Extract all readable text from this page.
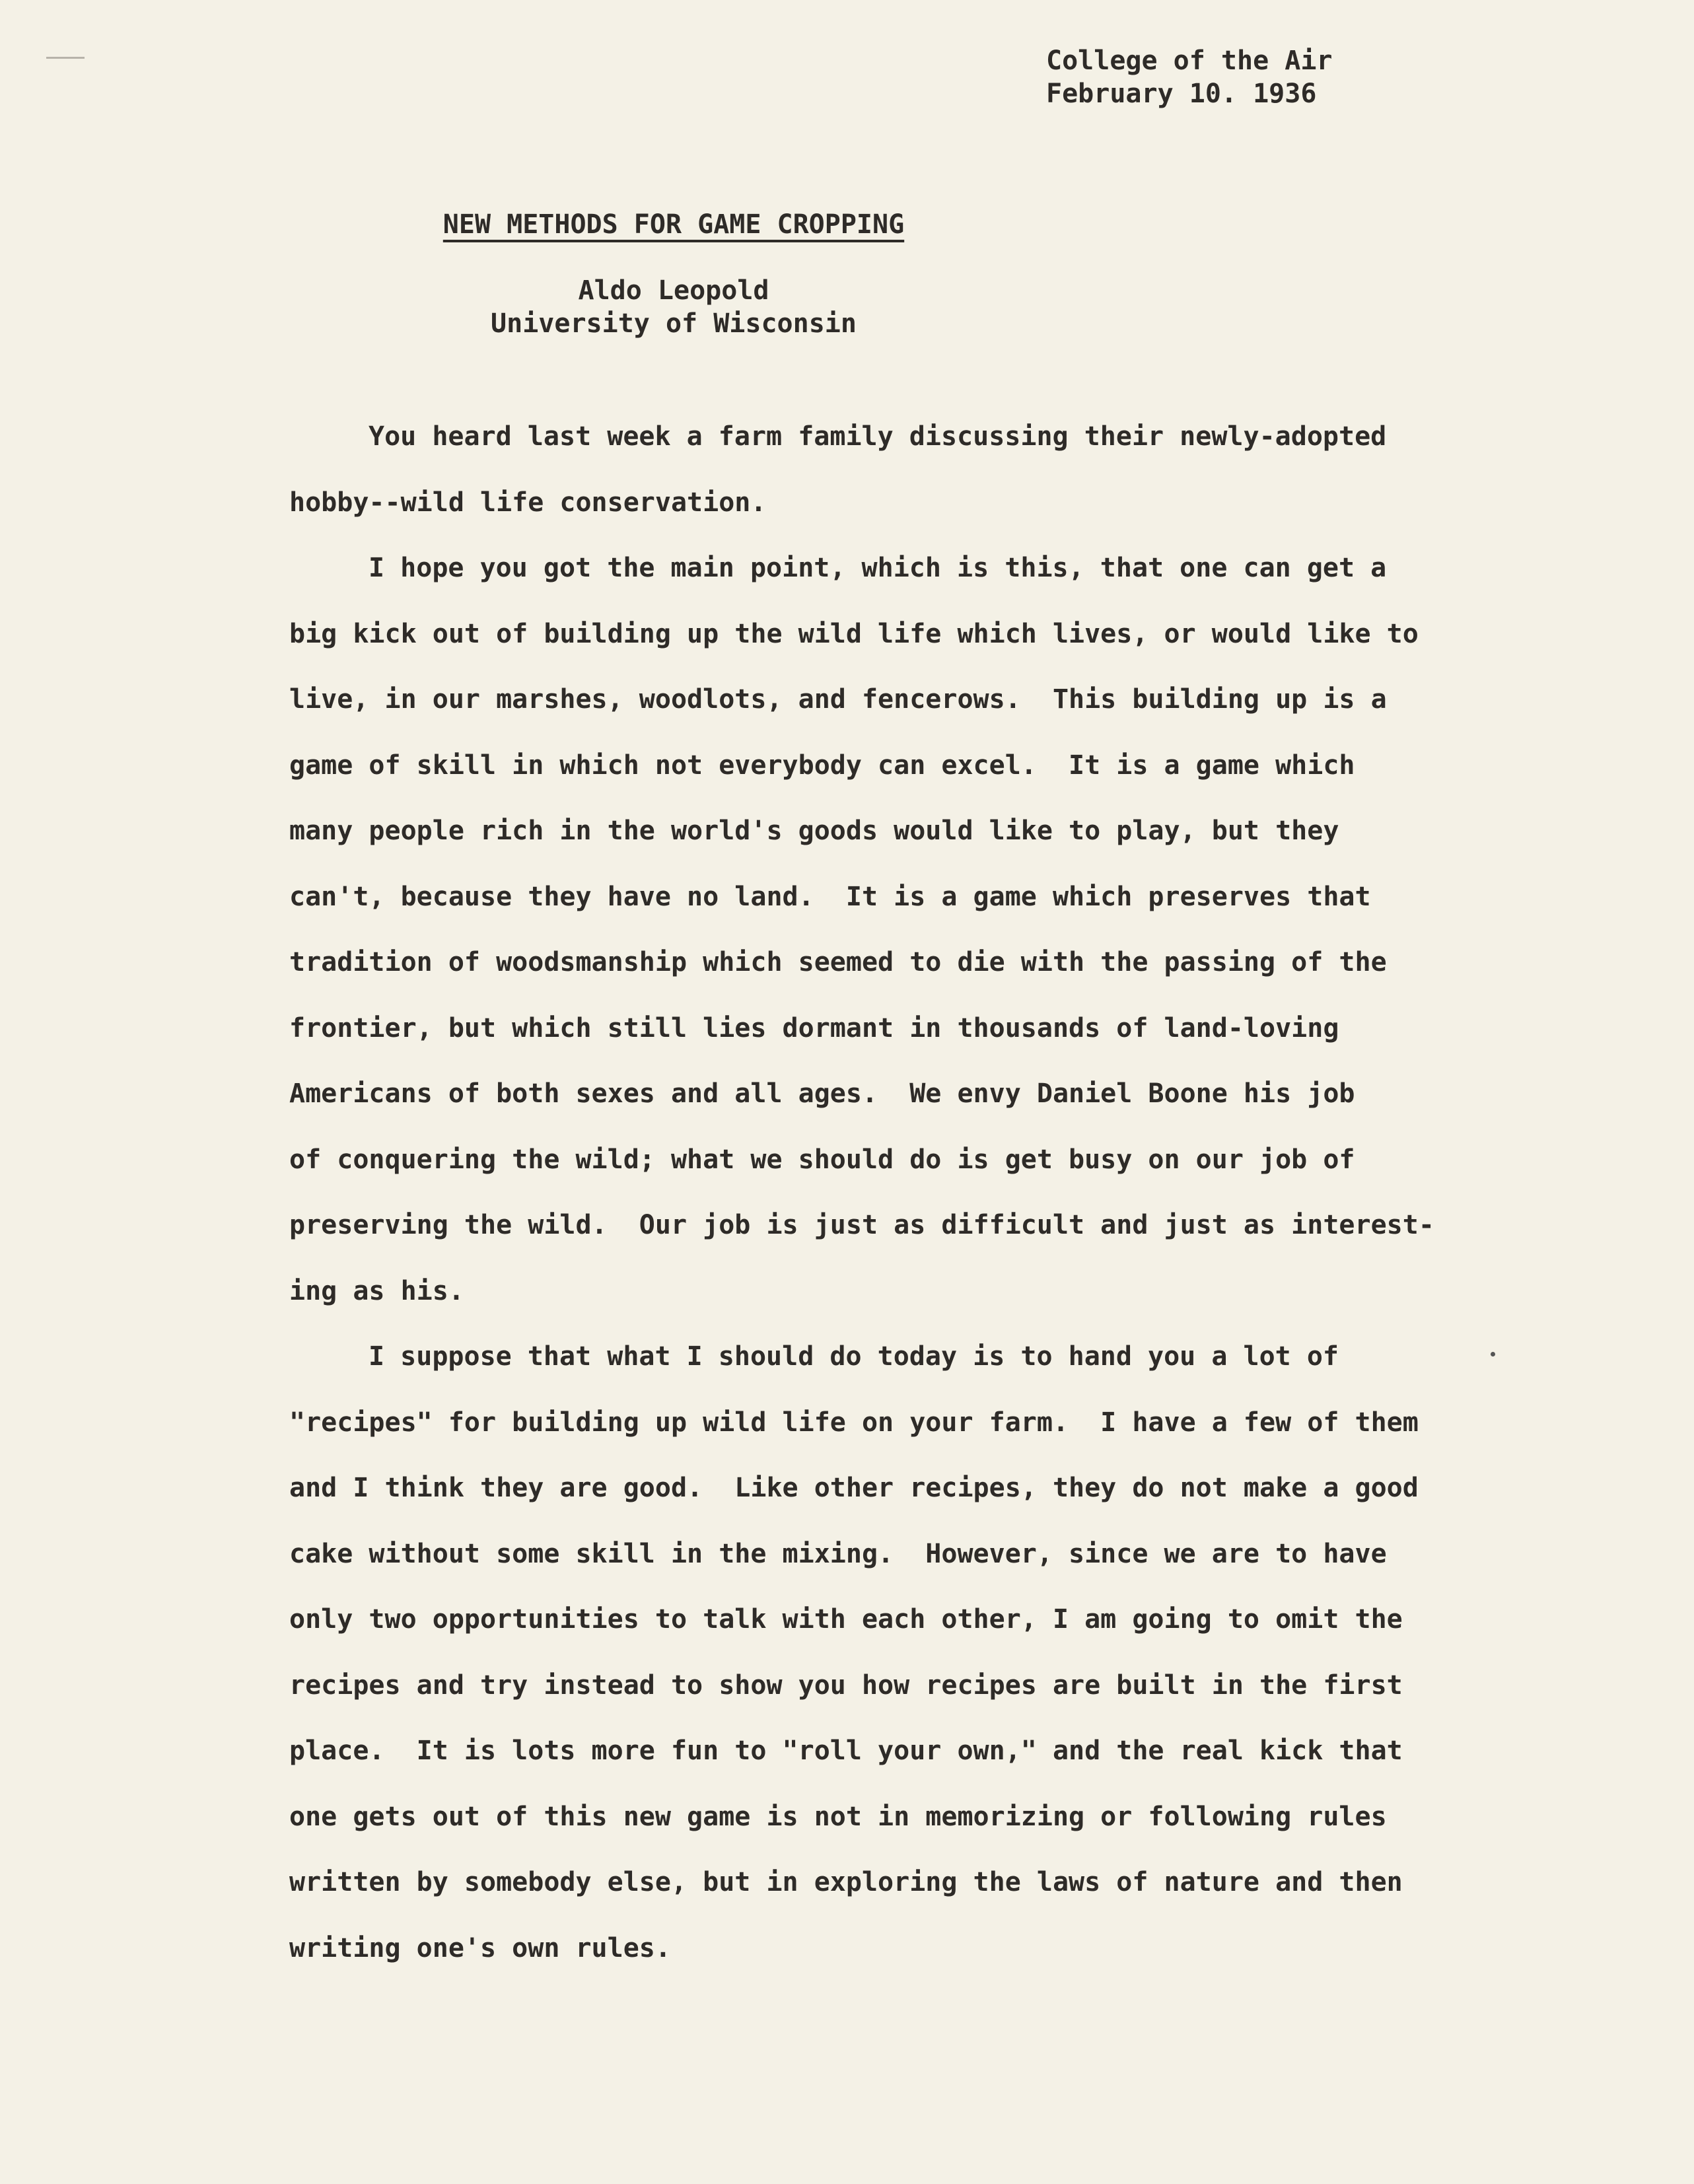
College of the Air
February 10. 1936
NEW METHODS FOR GAME CROPPING
Aldo Leopold
University of Wisconsin

You heard last week a farm family discussing their newly-adopted
hobby--wild life conservation.

I hope you got the main point, which is this, that one can get a
big kick out of building up the wild life which lives, or would like to
live, in our marshes, woodlots, and fencerows.  This building up is a
game of skill in which not everybody can excel.  It is a game which
many people rich in the world's goods would like to play, but they
can't, because they have no land.  It is a game which preserves that
tradition of woodsmanship which seemed to die with the passing of the
frontier, but which still lies dormant in thousands of land-loving
Americans of both sexes and all ages.  We envy Daniel Boone his job
of conquering the wild; what we should do is get busy on our job of
preserving the wild.  Our job is just as difficult and just as interest-
ing as his.

I suppose that what I should do today is to hand you a lot of
"recipes" for building up wild life on your farm.  I have a few of them
and I think they are good.  Like other recipes, they do not make a good
cake without some skill in the mixing.  However, since we are to have
only two opportunities to talk with each other, I am going to omit the
recipes and try instead to show you how recipes are built in the first
place.  It is lots more fun to "roll your own," and the real kick that
one gets out of this new game is not in memorizing or following rules
written by somebody else, but in exploring the laws of nature and then
writing one's own rules.
